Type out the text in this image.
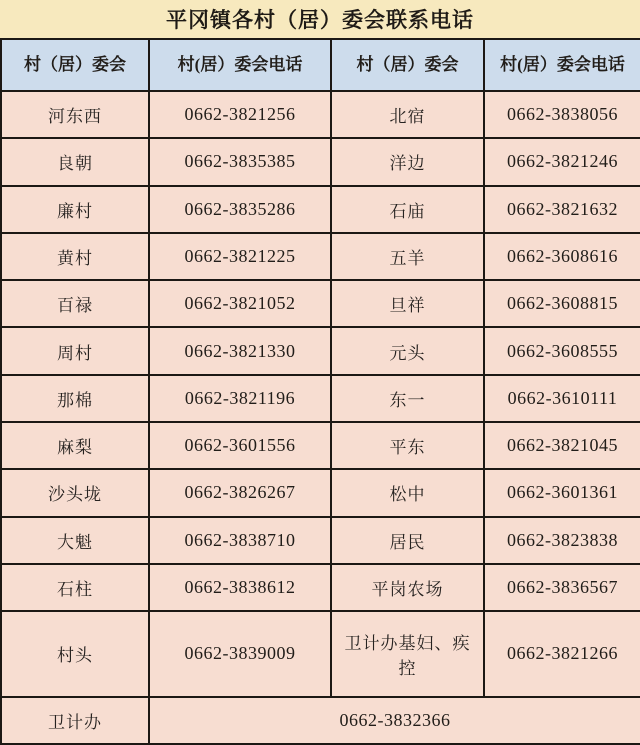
平冈镇各村（居）委会联系电话
村（居）委会	村(居）委会电话	村（居）委会	村(居）委会电话
河东西	0662-3821256	北宿	0662-3838056
良朝	0662-3835385	洋边	0662-3821246
廉村	0662-3835286	石庙	0662-3821632
黄村	0662-3821225	五羊	0662-3608616
百禄	0662-3821052	旦祥	0662-3608815
周村	0662-3821330	元头	0662-3608555
那棉	0662-3821196	东一	0662-3610111
麻梨	0662-3601556	平东	0662-3821045
沙头垅	0662-3826267	松中	0662-3601361
大魁	0662-3838710	居民	0662-3823838
石柱	0662-3838612	平岗农场	0662-3836567
村头	0662-3839009	卫计办基妇、疾控	0662-3821266
卫计办	0662-3832366		
